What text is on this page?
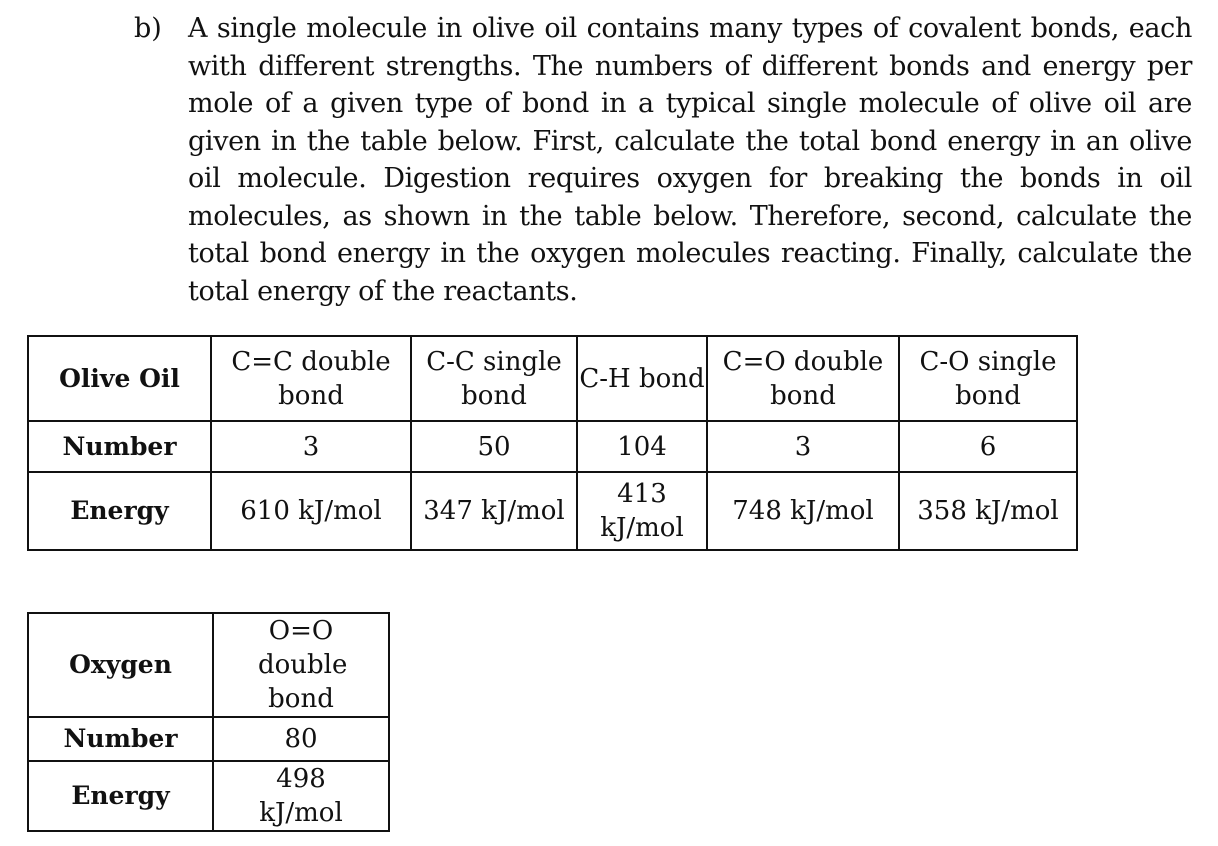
b) A single molecule in olive oil contains many types of covalent bonds, each with different strengths. The numbers of different bonds and energy per mole of a given type of bond in a typical single molecule of olive oil are given in the table below. First, calculate the total bond energy in an olive oil molecule. Digestion requires oxygen for breaking the bonds in oil molecules, as shown in the table below. Therefore, second, calculate the total bond energy in the oxygen molecules reacting. Finally, calculate the total energy of the reactants.
Olive Oil	C=C double bond	C-C single bond	C-H bond	C=O double bond	C-O single bond
Number	3	50	104	3	6
Energy	610 kJ/mol	347 kJ/mol	413 kJ/mol	748 kJ/mol	358 kJ/mol
Oxygen	O=O double bond
Number	80
Energy	498 kJ/mol
